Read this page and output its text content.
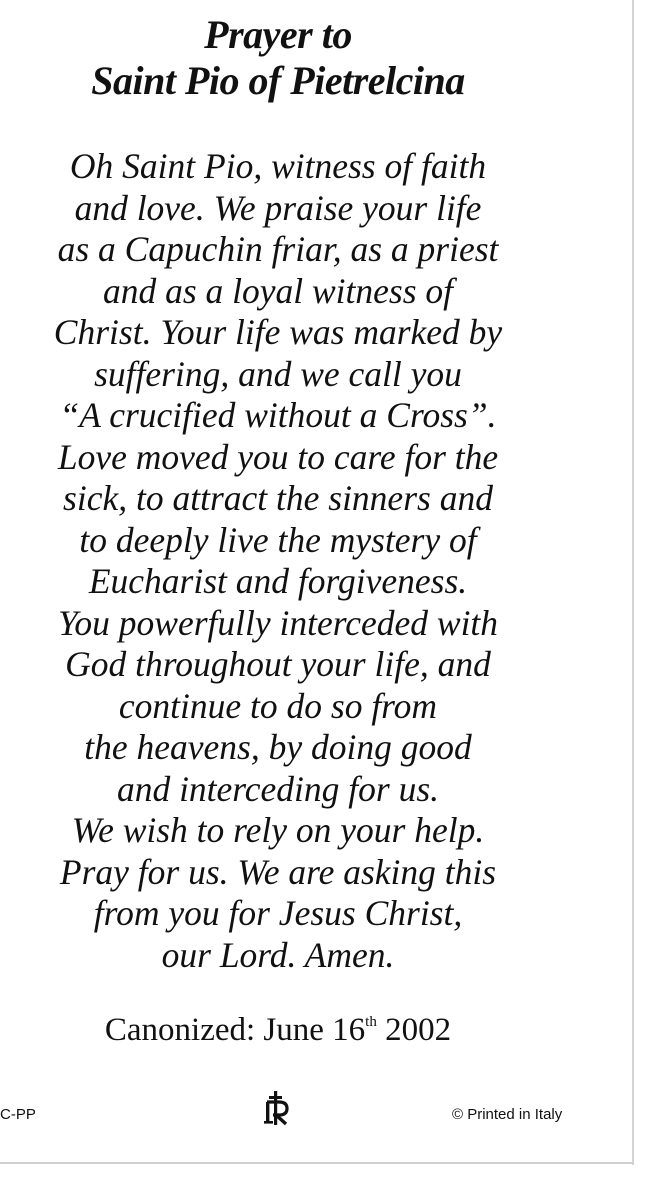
Prayer to
Saint Pio of Pietrelcina
Oh Saint Pio, witness of faith
and love. We praise your life
as a Capuchin friar, as a priest
and as a loyal witness of
Christ. Your life was marked by
suffering, and we call you
“A crucified without a Cross”.
Love moved you to care for the
sick, to attract the sinners and
to deeply live the mystery of
Eucharist and forgiveness.
You powerfully interceded with
God throughout your life, and
continue to do so from
the heavens, by doing good
and interceding for us.
We wish to rely on your help.
Pray for us. We are asking this
from you for Jesus Christ,
our Lord. Amen.
Canonized: June 16th 2002
C-PP	© Printed in Italy
